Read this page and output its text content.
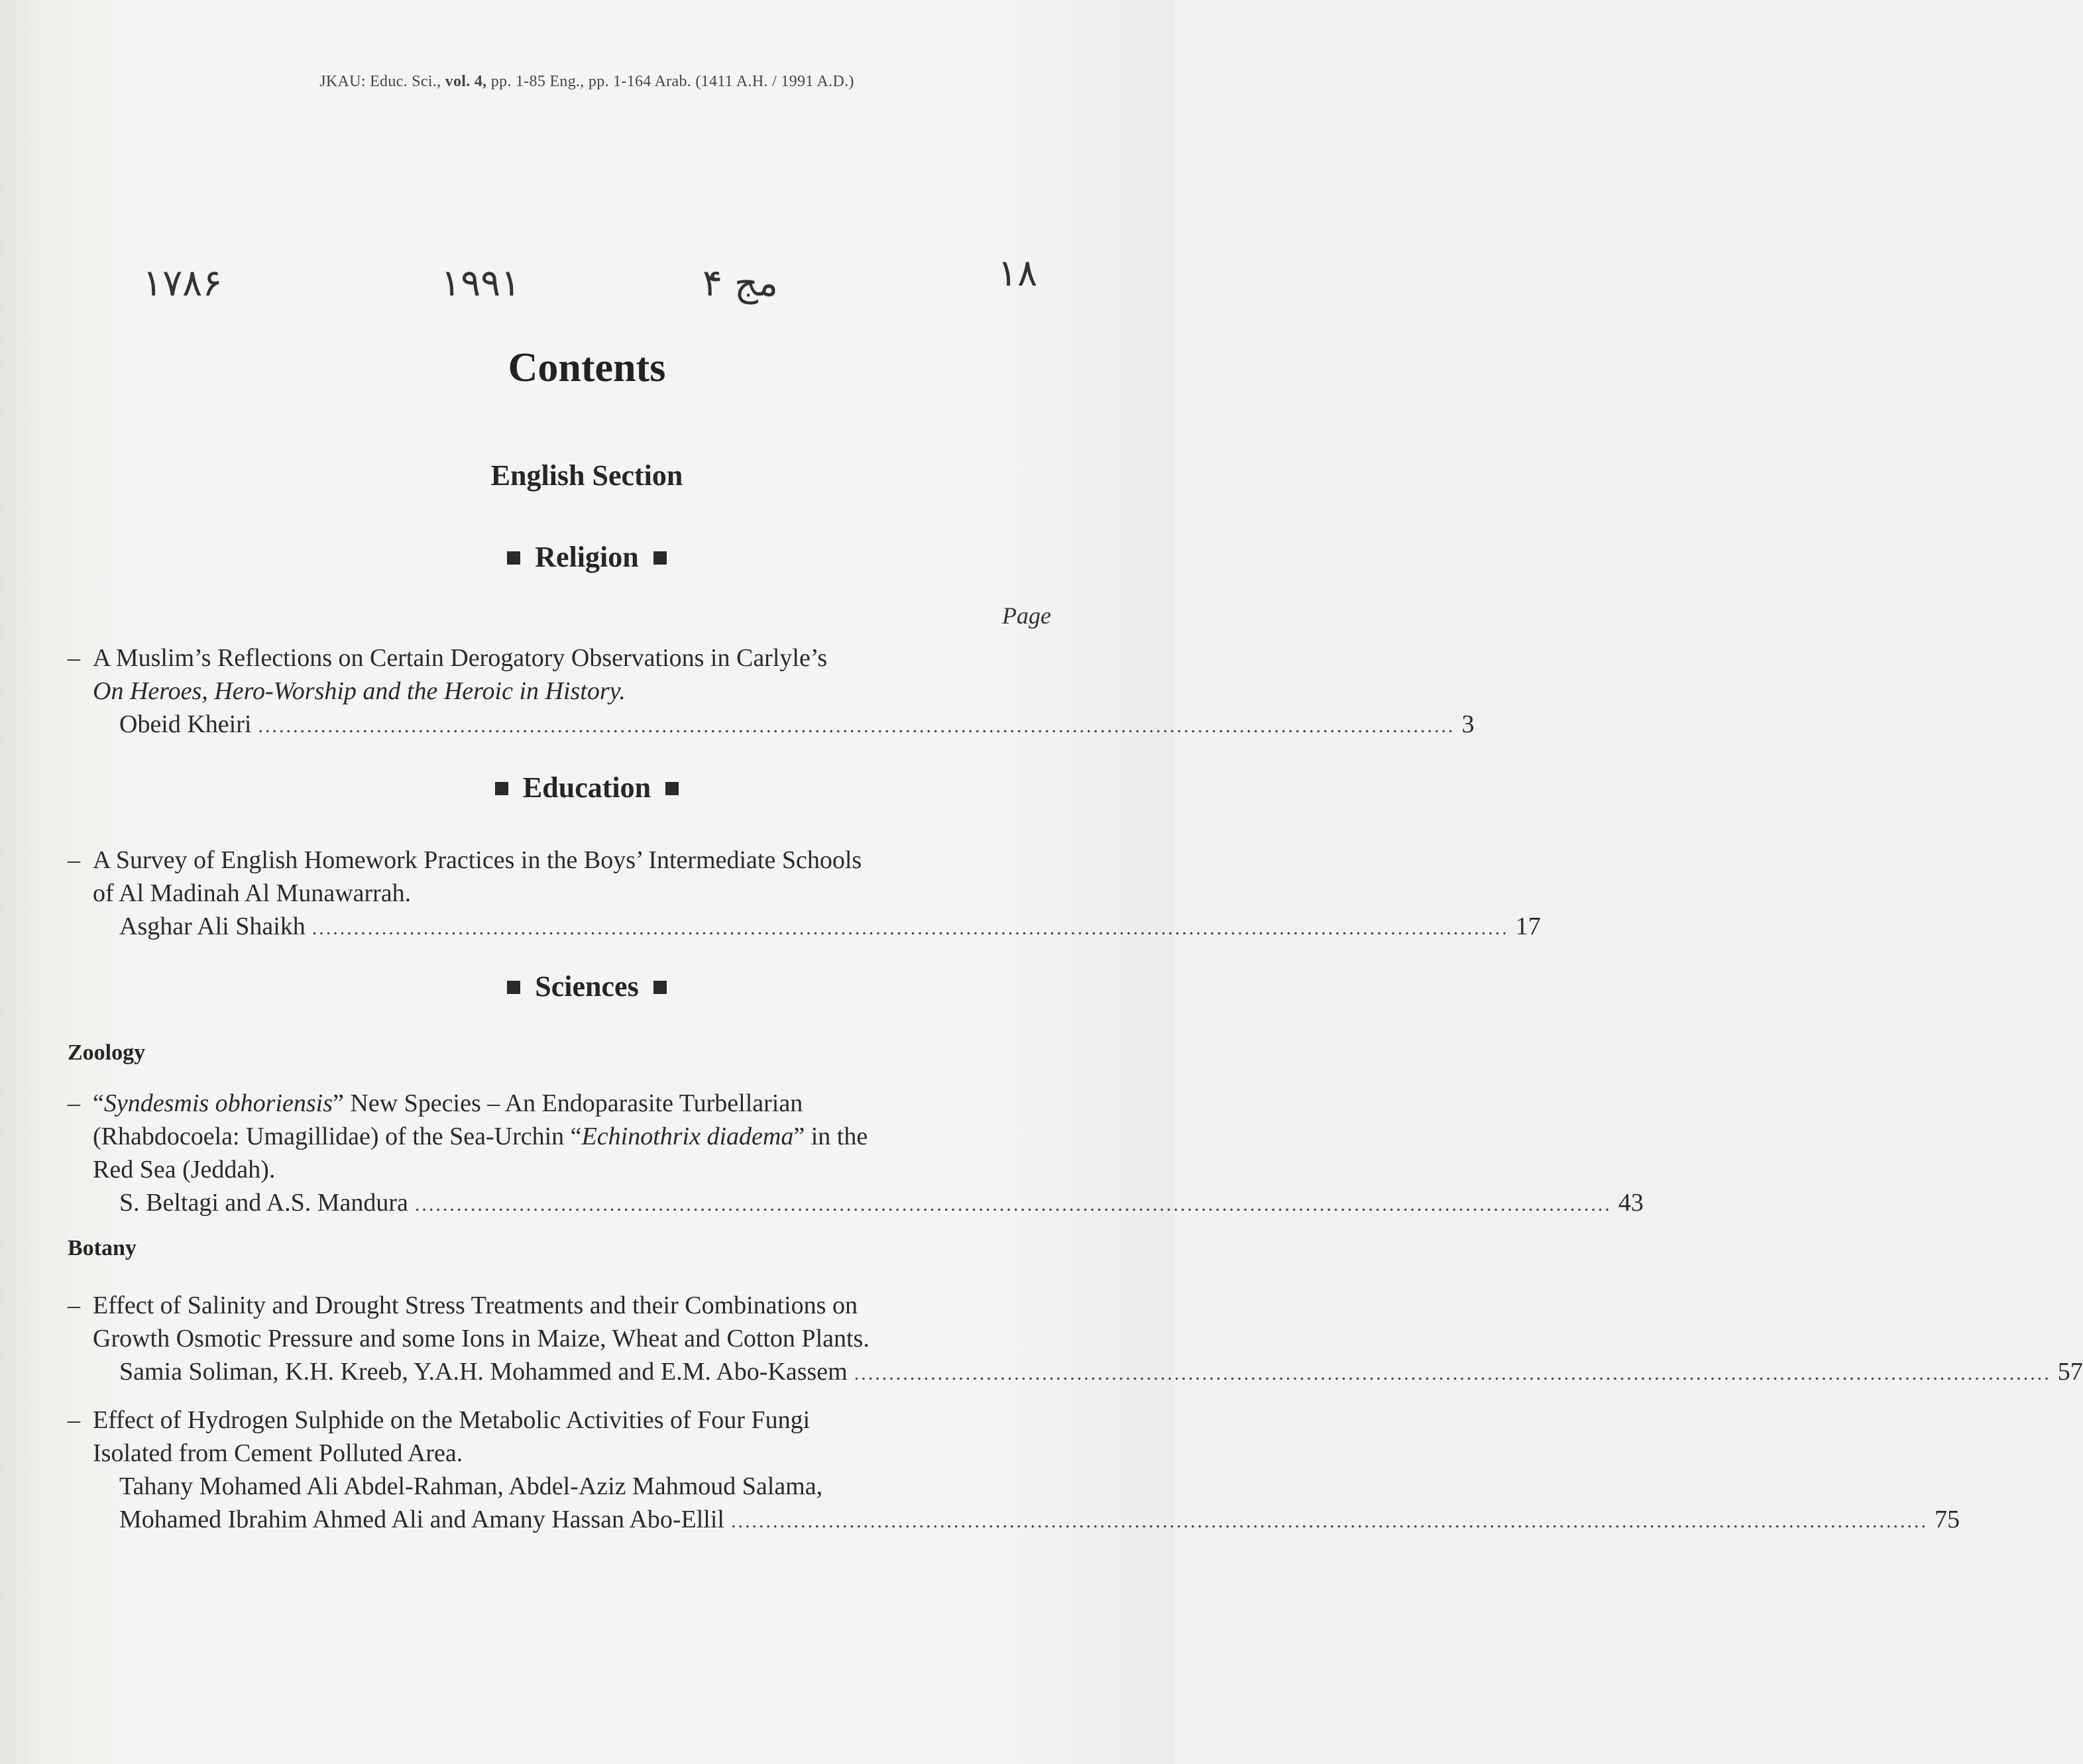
JKAU: Educ. Sci., vol. 4, pp. 1-85 Eng., pp. 1-164 Arab. (1411 A.H. / 1991 A.D.)
۱۷۸۶	۱۹۹۱	مج ۴	۱۸
Contents
English Section
Religion
Page
– A Muslim’s Reflections on Certain Derogatory Observations in Carlyle’s
On Heroes, Hero-Worship and the Heroic in History.
Obeid Kheiri ............................................................................................................................................................................ 3
Education
– A Survey of English Homework Practices in the Boys’ Intermediate Schools
of Al Madinah Al Munawarrah.
Asghar Ali Shaikh ............................................................................................................................................................................ 17
Sciences
Zoology
– “Syndesmis obhoriensis” New Species – An Endoparasite Turbellarian
(Rhabdocoela: Umagillidae) of the Sea-Urchin “Echinothrix diadema” in the
Red Sea (Jeddah).
S. Beltagi and A.S. Mandura ............................................................................................................................................................................ 43
Botany
– Effect of Salinity and Drought Stress Treatments and their Combinations on
Growth Osmotic Pressure and some Ions in Maize, Wheat and Cotton Plants.
Samia Soliman, K.H. Kreeb, Y.A.H. Mohammed and E.M. Abo-Kassem ............................................................................................................................................................................ 57
– Effect of Hydrogen Sulphide on the Metabolic Activities of Four Fungi
Isolated from Cement Polluted Area.
Tahany Mohamed Ali Abdel-Rahman, Abdel-Aziz Mahmoud Salama,
Mohamed Ibrahim Ahmed Ali and Amany Hassan Abo-Ellil ............................................................................................................................................................................ 75
